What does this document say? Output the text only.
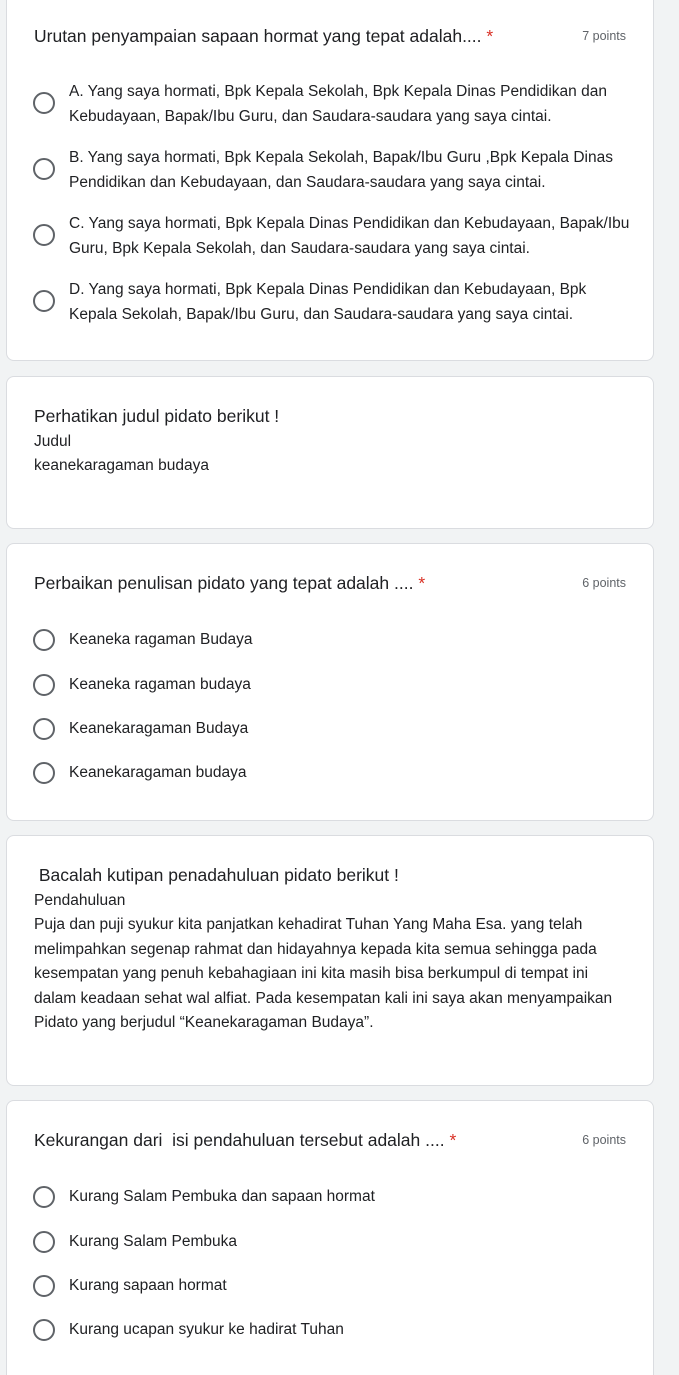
Urutan penyampaian sapaan hormat yang tepat adalah.... *	7 points
A. Yang saya hormati, Bpk Kepala Sekolah, Bpk Kepala Dinas Pendidikan dan Kebudayaan, Bapak/Ibu Guru, dan Saudara-saudara yang saya cintai.
B. Yang saya hormati, Bpk Kepala Sekolah, Bapak/Ibu Guru ,Bpk Kepala Dinas Pendidikan dan Kebudayaan, dan Saudara-saudara yang saya cintai.
C. Yang saya hormati, Bpk Kepala Dinas Pendidikan dan Kebudayaan, Bapak/Ibu Guru, Bpk Kepala Sekolah, dan Saudara-saudara yang saya cintai.
D. Yang saya hormati, Bpk Kepala Dinas Pendidikan dan Kebudayaan, Bpk Kepala Sekolah, Bapak/Ibu Guru, dan Saudara-saudara yang saya cintai.
Perhatikan judul pidato berikut !
Judul
keanekaragaman budaya
Perbaikan penulisan pidato yang tepat adalah .... *	6 points
Keaneka ragaman Budaya
Keaneka ragaman budaya
Keanekaragaman Budaya
Keanekaragaman budaya
Bacalah kutipan penadahuluan pidato berikut !
Pendahuluan
Puja dan puji syukur kita panjatkan kehadirat Tuhan Yang Maha Esa. yang telah melimpahkan segenap rahmat dan hidayahnya kepada kita semua sehingga pada kesempatan yang penuh kebahagiaan ini kita masih bisa berkumpul di tempat ini dalam keadaan sehat wal alfiat. Pada kesempatan kali ini saya akan menyampaikan Pidato yang berjudul “Keanekaragaman Budaya”.
Kekurangan dari  isi pendahuluan tersebut adalah .... *	6 points
Kurang Salam Pembuka dan sapaan hormat
Kurang Salam Pembuka
Kurang sapaan hormat
Kurang ucapan syukur ke hadirat Tuhan
